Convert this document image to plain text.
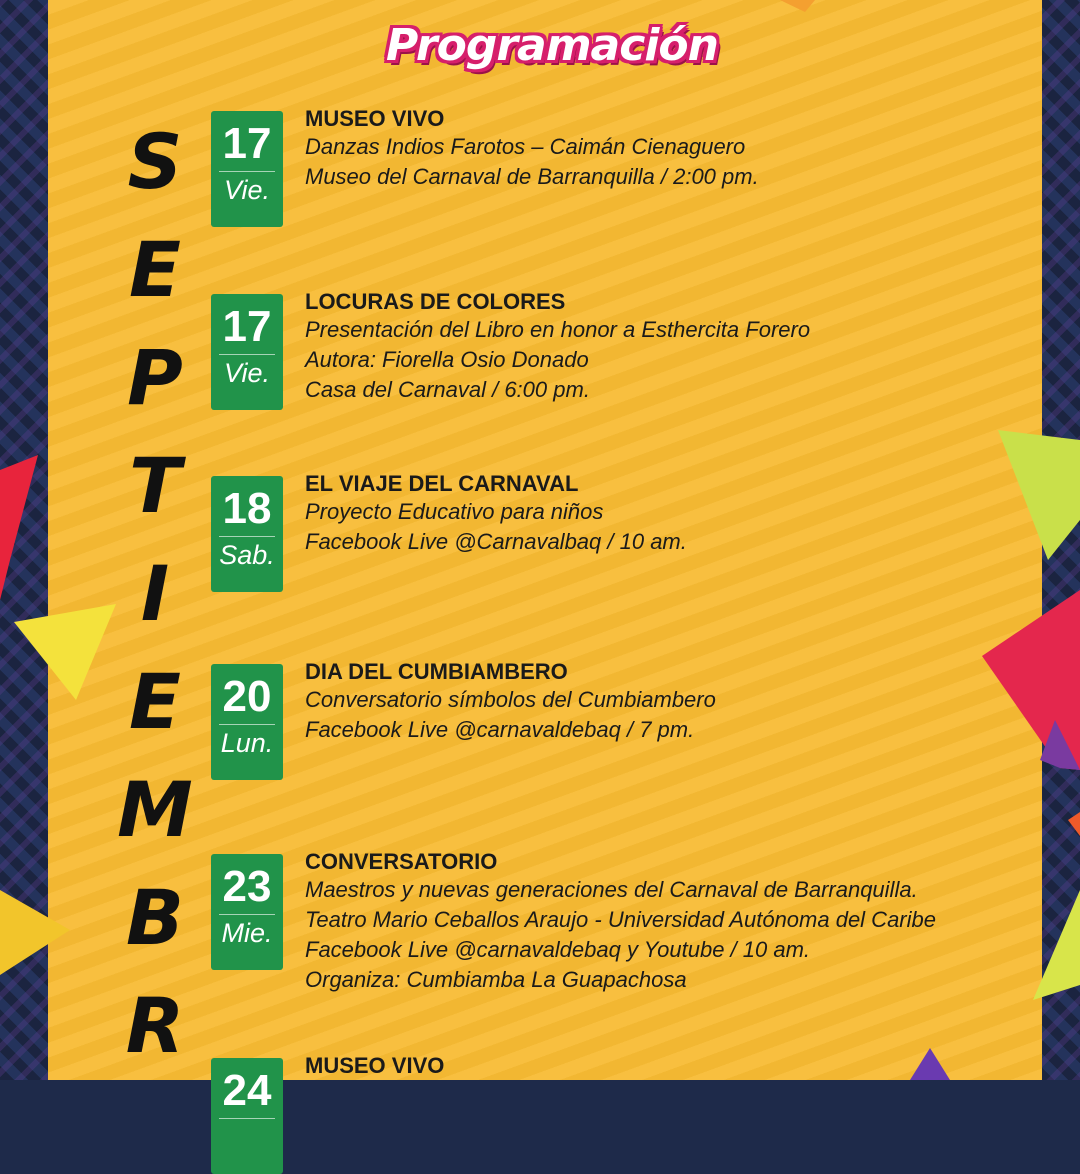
Programación
S
E
P
T
I
E
M
B
R
17
Vie.
MUSEO VIVO
Danzas Indios Farotos – Caimán Cienaguero
Museo del Carnaval de Barranquilla / 2:00 pm.
17
Vie.
LOCURAS DE COLORES
Presentación del Libro en honor a Esthercita Forero
Autora: Fiorella Osio Donado
Casa del Carnaval / 6:00 pm.
18
Sab.
EL VIAJE DEL CARNAVAL
Proyecto Educativo para niños
Facebook Live @Carnavalbaq / 10 am.
20
Lun.
DIA DEL CUMBIAMBERO
Conversatorio símbolos del Cumbiambero
Facebook Live @carnavaldebaq / 7 pm.
23
Mie.
CONVERSATORIO
Maestros y nuevas generaciones del Carnaval de Barranquilla.
Teatro Mario Ceballos Araujo - Universidad Autónoma del Caribe
Facebook Live @carnavaldebaq y Youtube / 10 am.
Organiza: Cumbiamba La Guapachosa
24
MUSEO VIVO
